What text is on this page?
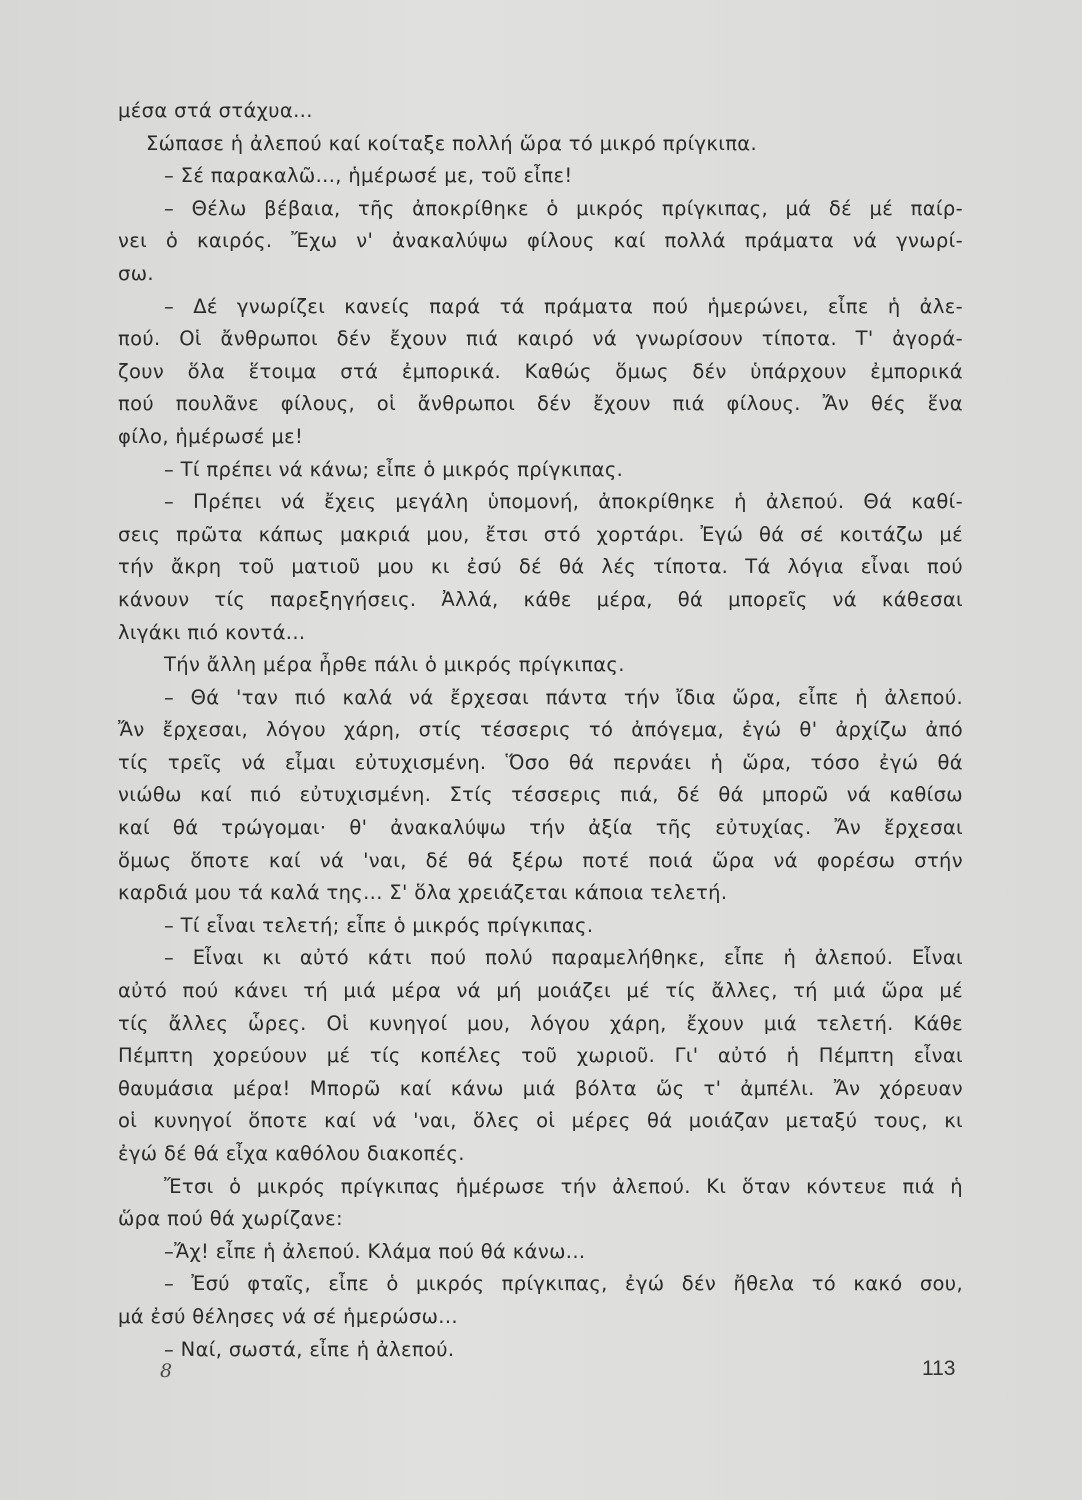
μέσα στά στάχυα...
Σώπασε ἡ ἀλεπού καί κοίταξε πολλή ὥρα τό μικρό πρίγκιπα.
– Σέ παρακαλῶ..., ἡμέρωσέ με, τοῦ εἶπε!
– Θέλω βέβαια, τῆς ἀποκρίθηκε ὁ μικρός πρίγκιπας, μά δέ μέ παίρ-
νει ὁ καιρός. Ἔχω ν' ἀνακαλύψω φίλους καί πολλά πράματα νά γνωρί-
σω.
– Δέ γνωρίζει κανείς παρά τά πράματα πού ἡμερώνει, εἶπε ἡ ἀλε-
πού. Οἱ ἄνθρωποι δέν ἔχουν πιά καιρό νά γνωρίσουν τίποτα. Τ' ἀγορά-
ζουν ὅλα ἕτοιμα στά ἐμπορικά. Καθώς ὅμως δέν ὑπάρχουν ἐμπορικά
πού πουλᾶνε φίλους, οἱ ἄνθρωποι δέν ἔχουν πιά φίλους. Ἄν θές ἕνα
φίλο, ἡμέρωσέ με!
– Τί πρέπει νά κάνω; εἶπε ὁ μικρός πρίγκιπας.
– Πρέπει νά ἔχεις μεγάλη ὑπομονή, ἀποκρίθηκε ἡ ἀλεπού. Θά καθί-
σεις πρῶτα κάπως μακριά μου, ἔτσι στό χορτάρι. Ἐγώ θά σέ κοιτάζω μέ
τήν ἄκρη τοῦ ματιοῦ μου κι ἐσύ δέ θά λές τίποτα. Τά λόγια εἶναι πού
κάνουν τίς παρεξηγήσεις. Ἀλλά, κάθε μέρα, θά μπορεῖς νά κάθεσαι
λιγάκι πιό κοντά...
Τήν ἄλλη μέρα ἦρθε πάλι ὁ μικρός πρίγκιπας.
– Θά 'ταν πιό καλά νά ἔρχεσαι πάντα τήν ἴδια ὥρα, εἶπε ἡ ἀλεπού.
Ἄν ἔρχεσαι, λόγου χάρη, στίς τέσσερις τό ἀπόγεμα, ἐγώ θ' ἀρχίζω ἀπό
τίς τρεῖς νά εἶμαι εὐτυχισμένη. Ὅσο θά περνάει ἡ ὥρα, τόσο ἐγώ θά
νιώθω καί πιό εὐτυχισμένη. Στίς τέσσερις πιά, δέ θά μπορῶ νά καθίσω
καί θά τρώγομαι· θ' ἀνακαλύψω τήν ἀξία τῆς εὐτυχίας. Ἄν ἔρχεσαι
ὅμως ὅποτε καί νά 'ναι, δέ θά ξέρω ποτέ ποιά ὥρα νά φορέσω στήν
καρδιά μου τά καλά της... Σ' ὅλα χρειάζεται κάποια τελετή.
– Τί εἶναι τελετή; εἶπε ὁ μικρός πρίγκιπας.
– Εἶναι κι αὐτό κάτι πού πολύ παραμελήθηκε, εἶπε ἡ ἀλεπού. Εἶναι
αὐτό πού κάνει τή μιά μέρα νά μή μοιάζει μέ τίς ἄλλες, τή μιά ὥρα μέ
τίς ἄλλες ὧρες. Οἱ κυνηγοί μου, λόγου χάρη, ἔχουν μιά τελετή. Κάθε
Πέμπτη χορεύουν μέ τίς κοπέλες τοῦ χωριοῦ. Γι' αὐτό ἡ Πέμπτη εἶναι
θαυμάσια μέρα! Μπορῶ καί κάνω μιά βόλτα ὥς τ' ἀμπέλι. Ἄν χόρευαν
οἱ κυνηγοί ὅποτε καί νά 'ναι, ὅλες οἱ μέρες θά μοιάζαν μεταξύ τους, κι
ἐγώ δέ θά εἶχα καθόλου διακοπές.
Ἔτσι ὁ μικρός πρίγκιπας ἡμέρωσε τήν ἀλεπού. Κι ὅταν κόντευε πιά ἡ
ὥρα πού θά χωρίζανε:
–Ἄχ! εἶπε ἡ ἀλεπού. Κλάμα πού θά κάνω...
– Ἐσύ φταῖς, εἶπε ὁ μικρός πρίγκιπας, ἐγώ δέν ἤθελα τό κακό σου,
μά ἐσύ θέλησες νά σέ ἡμερώσω...
– Ναί, σωστά, εἶπε ἡ ἀλεπού.
8	113
